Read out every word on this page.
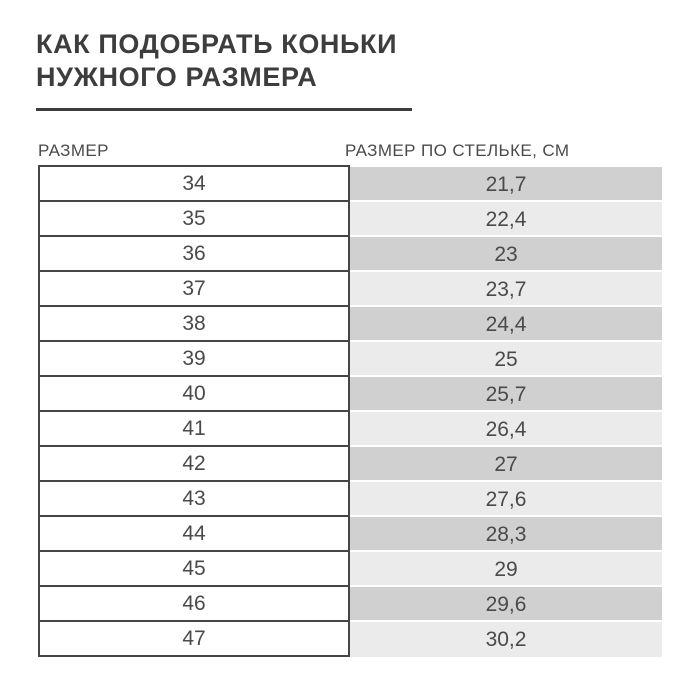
КАК ПОДОБРАТЬ КОНЬКИ
НУЖНОГО РАЗМЕРА
РАЗМЕР	РАЗМЕР ПО СТЕЛЬКЕ, СМ
34	21,7
35	22,4
36	23
37	23,7
38	24,4
39	25
40	25,7
41	26,4
42	27
43	27,6
44	28,3
45	29
46	29,6
47	30,2
